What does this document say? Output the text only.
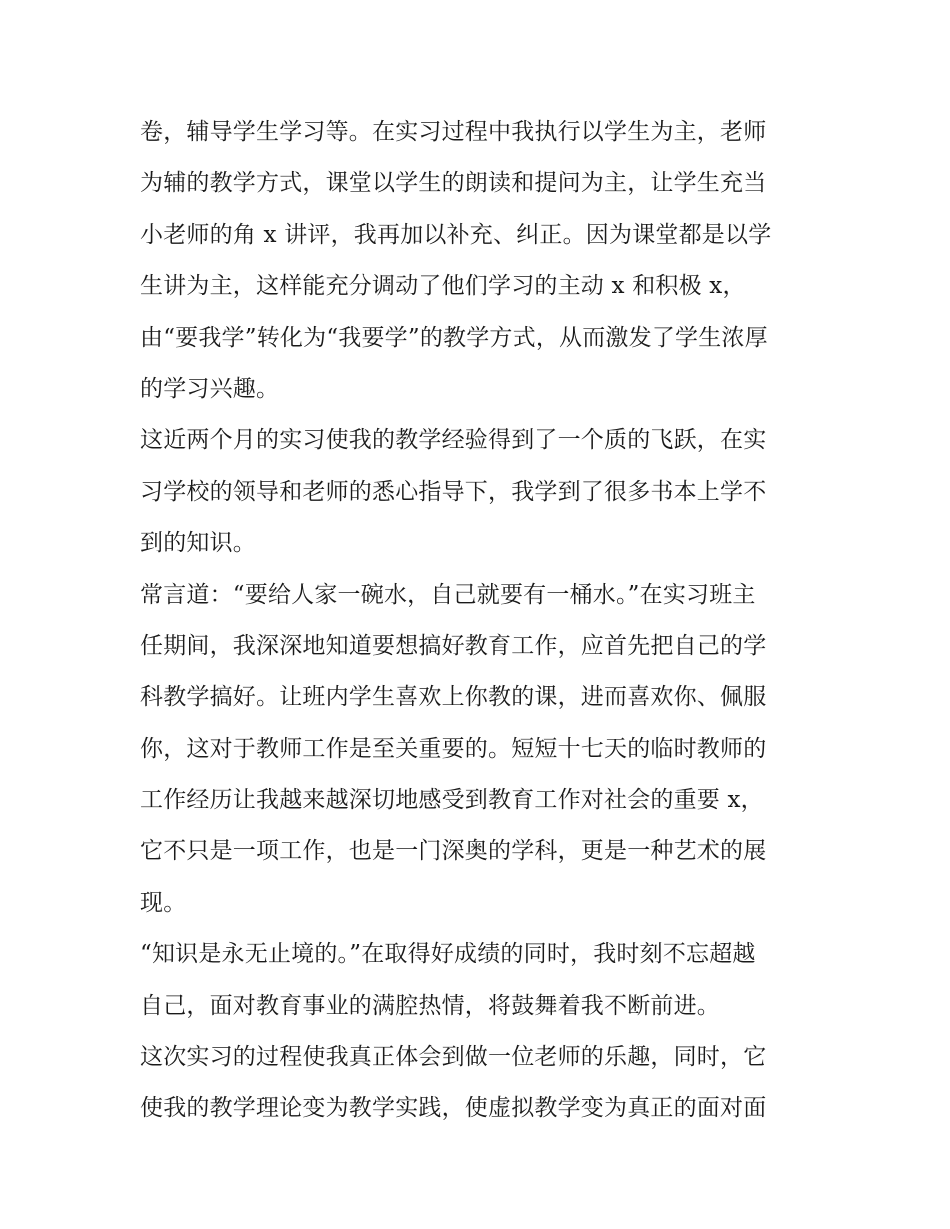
卷，辅导学生学习等。在实习过程中我执行以学生为主，老师
为辅的教学方式，课堂以学生的朗读和提问为主，让学生充当
小老师的角 x 讲评，我再加以补充、纠正。因为课堂都是以学
生讲为主，这样能充分调动了他们学习的主动 x 和积极 x，
由“要我学”转化为“我要学”的教学方式，从而激发了学生浓厚
的学习兴趣。

这近两个月的实习使我的教学经验得到了一个质的飞跃，在实
习学校的领导和老师的悉心指导下，我学到了很多书本上学不
到的知识。

常言道：“要给人家一碗水，自己就要有一桶水。”在实习班主
任期间，我深深地知道要想搞好教育工作，应首先把自己的学
科教学搞好。让班内学生喜欢上你教的课，进而喜欢你、佩服
你，这对于教师工作是至关重要的。短短十七天的临时教师的
工作经历让我越来越深切地感受到教育工作对社会的重要 x，
它不只是一项工作，也是一门深奥的学科，更是一种艺术的展
现。

“知识是永无止境的。”在取得好成绩的同时，我时刻不忘超越
自己，面对教育事业的满腔热情，将鼓舞着我不断前进。

这次实习的过程使我真正体会到做一位老师的乐趣，同时，它
使我的教学理论变为教学实践，使虚拟教学变为真正的面对面
